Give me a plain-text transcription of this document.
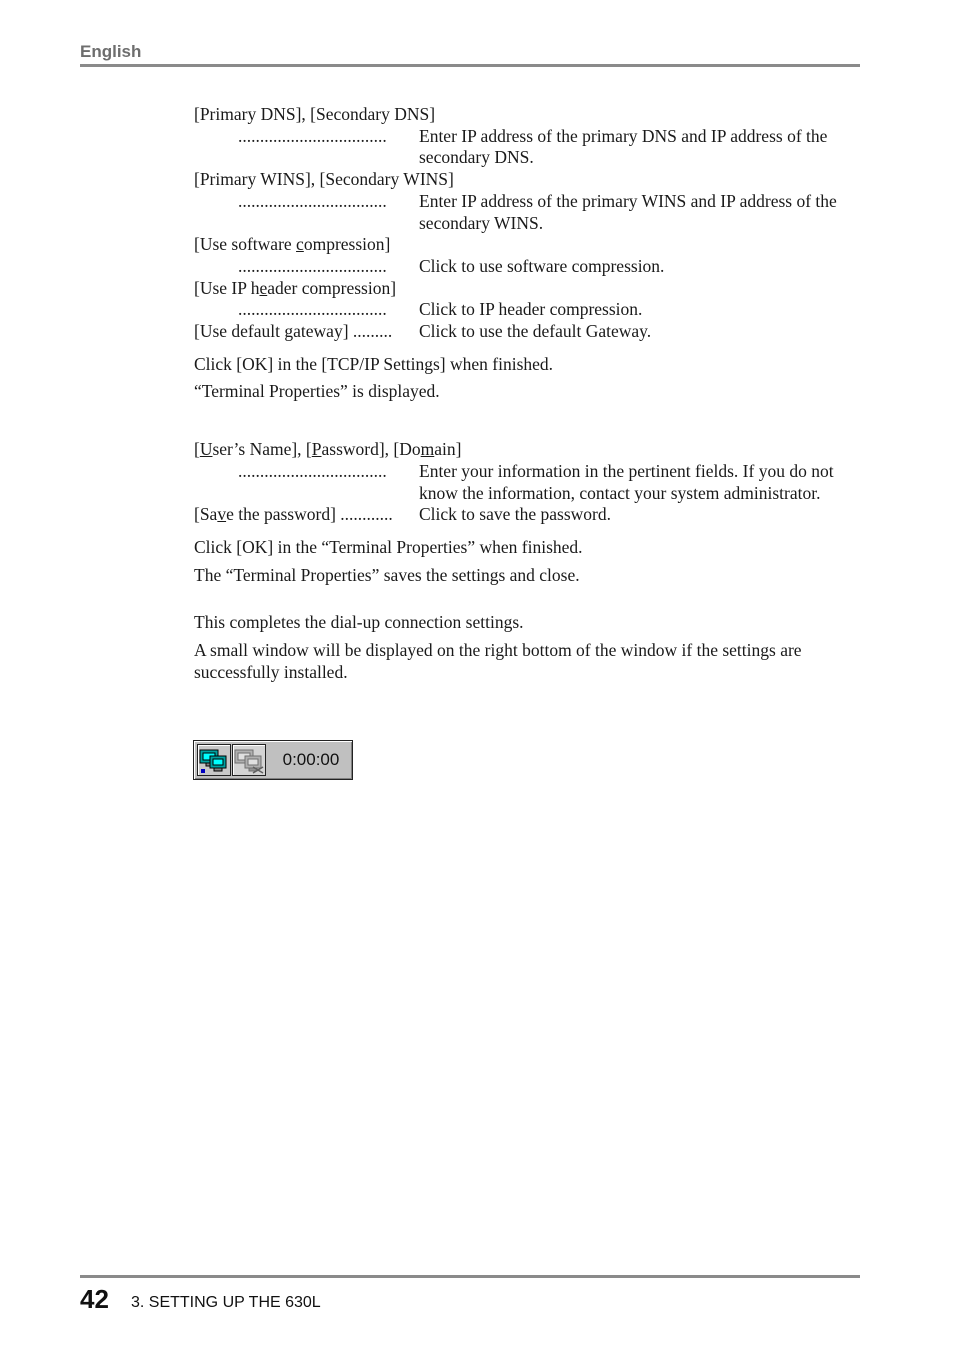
English
[Primary DNS], [Secondary DNS]
..................................	Enter IP address of the primary DNS and IP address of the secondary DNS.
[Primary WINS], [Secondary WINS]
..................................	Enter IP address of the primary WINS and IP address of the secondary WINS.
[Use software compression]
..................................	Click to use software compression.
[Use IP header compression]
..................................	Click to IP header compression.
[Use default gateway] .........	Click to use the default Gateway.

Click [OK] in the [TCP/IP Settings] when finished.

“Terminal Properties” is displayed.

[User’s Name], [Password], [Domain]
..................................	Enter your information in the pertinent fields. If you do not know the information, contact your system administrator.
[Save the password] ............	Click to save the password.

Click [OK] in the “Terminal Properties” when finished.

The “Terminal Properties” saves the settings and close.

This completes the dial-up connection settings.

A small window will be displayed on the right bottom of the window if the settings are successfully installed.

0:00:00
42 3. SETTING UP THE 630L
